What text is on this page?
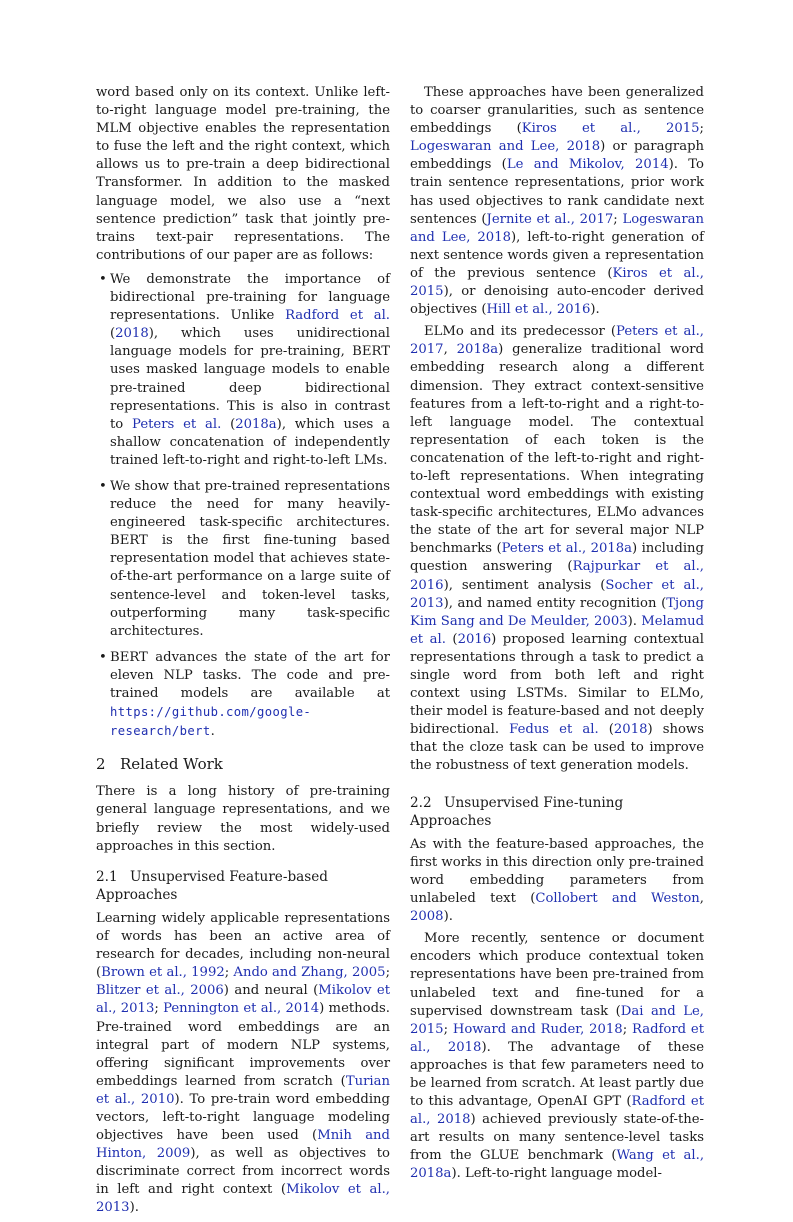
word based only on its context. Unlike left-to-right language model pre-training, the MLM objective enables the representation to fuse the left and the right context, which allows us to pre-train a deep bidirectional Transformer. In addition to the masked language model, we also use a “next sentence prediction” task that jointly pre-trains text-pair representations. The contributions of our paper are as follows:

• We demonstrate the importance of bidirectional pre-training for language representations. Unlike Radford et al. (2018), which uses unidirectional language models for pre-training, BERT uses masked language models to enable pre-trained deep bidirectional representations. This is also in contrast to Peters et al. (2018a), which uses a shallow concatenation of independently trained left-to-right and right-to-left LMs.
• We show that pre-trained representations reduce the need for many heavily-engineered task-specific architectures. BERT is the first fine-tuning based representation model that achieves state-of-the-art performance on a large suite of sentence-level and token-level tasks, outperforming many task-specific architectures.
• BERT advances the state of the art for eleven NLP tasks. The code and pre-trained models are available at https://github.com/google-research/bert.
2 Related Work

There is a long history of pre-training general language representations, and we briefly review the most widely-used approaches in this section.

2.1 Unsupervised Feature-based Approaches

Learning widely applicable representations of words has been an active area of research for decades, including non-neural (Brown et al., 1992; Ando and Zhang, 2005; Blitzer et al., 2006) and neural (Mikolov et al., 2013; Pennington et al., 2014) methods. Pre-trained word embeddings are an integral part of modern NLP systems, offering significant improvements over embeddings learned from scratch (Turian et al., 2010). To pre-train word embedding vectors, left-to-right language modeling objectives have been used (Mnih and Hinton, 2009), as well as objectives to discriminate correct from incorrect words in left and right context (Mikolov et al., 2013).

These approaches have been generalized to coarser granularities, such as sentence embeddings (Kiros et al., 2015; Logeswaran and Lee, 2018) or paragraph embeddings (Le and Mikolov, 2014). To train sentence representations, prior work has used objectives to rank candidate next sentences (Jernite et al., 2017; Logeswaran and Lee, 2018), left-to-right generation of next sentence words given a representation of the previous sentence (Kiros et al., 2015), or denoising auto-encoder derived objectives (Hill et al., 2016).

ELMo and its predecessor (Peters et al., 2017, 2018a) generalize traditional word embedding research along a different dimension. They extract context-sensitive features from a left-to-right and a right-to-left language model. The contextual representation of each token is the concatenation of the left-to-right and right-to-left representations. When integrating contextual word embeddings with existing task-specific architectures, ELMo advances the state of the art for several major NLP benchmarks (Peters et al., 2018a) including question answering (Rajpurkar et al., 2016), sentiment analysis (Socher et al., 2013), and named entity recognition (Tjong Kim Sang and De Meulder, 2003). Melamud et al. (2016) proposed learning contextual representations through a task to predict a single word from both left and right context using LSTMs. Similar to ELMo, their model is feature-based and not deeply bidirectional. Fedus et al. (2018) shows that the cloze task can be used to improve the robustness of text generation models.

2.2 Unsupervised Fine-tuning Approaches

As with the feature-based approaches, the first works in this direction only pre-trained word embedding parameters from unlabeled text (Collobert and Weston, 2008).

More recently, sentence or document encoders which produce contextual token representations have been pre-trained from unlabeled text and fine-tuned for a supervised downstream task (Dai and Le, 2015; Howard and Ruder, 2018; Radford et al., 2018). The advantage of these approaches is that few parameters need to be learned from scratch. At least partly due to this advantage, OpenAI GPT (Radford et al., 2018) achieved previously state-of-the-art results on many sentence-level tasks from the GLUE benchmark (Wang et al., 2018a). Left-to-right language model-
